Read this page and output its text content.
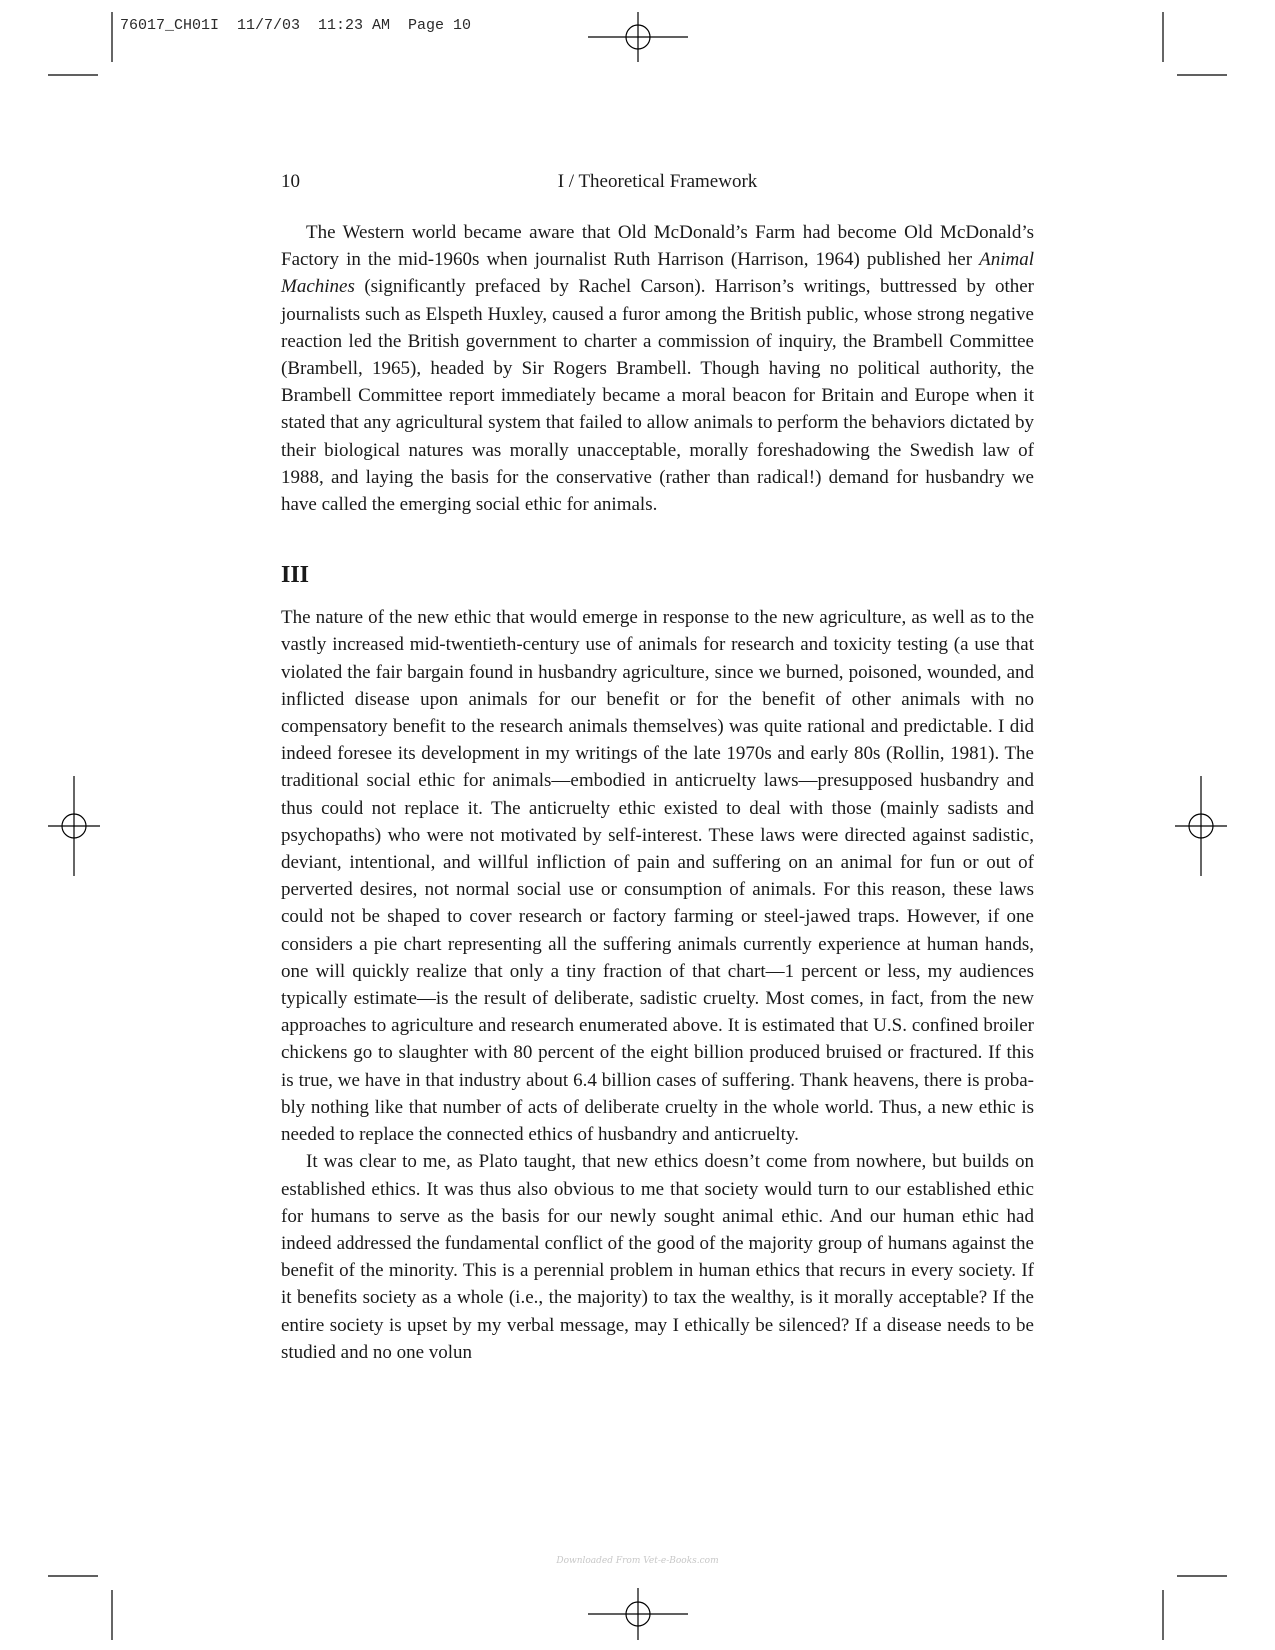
76017_CH01I  11/7/03  11:23 AM  Page 10
10	I / Theoretical Framework

The Western world became aware that Old McDonald’s Farm had become Old McDonald’s Factory in the mid-1960s when journalist Ruth Harrison (Harrison, 1964) published her Animal Machines (significantly prefaced by Rachel Carson). Harrison’s writings, buttressed by other journalists such as Elspeth Huxley, caused a furor among the British public, whose strong negative reaction led the British government to charter a commission of inquiry, the Brambell Committee (Brambell, 1965), headed by Sir Rogers Brambell. Though having no political authority, the Brambell Committee report immediately became a moral beacon for Britain and Europe when it stated that any agricultural system that failed to allow animals to perform the behaviors dictated by their biological natures was morally unacceptable, morally foreshadowing the Swedish law of 1988, and laying the basis for the conservative (rather than radical!) demand for husbandry we have called the emerging social ethic for animals.

III

The nature of the new ethic that would emerge in response to the new agriculture, as well as to the vastly increased mid-twentieth-century use of animals for research and toxicity testing (a use that violated the fair bargain found in husbandry agriculture, since we burned, poisoned, wounded, and inflicted disease upon animals for our benefit or for the benefit of other animals with no compensatory benefit to the research animals themselves) was quite rational and predictable. I did indeed foresee its development in my writings of the late 1970s and early 80s (Rollin, 1981). The traditional social ethic for animals—embodied in anticruelty laws—presupposed husbandry and thus could not replace it. The anticruelty ethic existed to deal with those (mainly sadists and psychopaths) who were not motivated by self-interest. These laws were directed against sadistic, deviant, intentional, and willful infliction of pain and suffering on an animal for fun or out of perverted desires, not normal social use or consumption of animals. For this reason, these laws could not be shaped to cover research or factory farming or steel-jawed traps. However, if one considers a pie chart representing all the suffering animals currently experience at human hands, one will quickly realize that only a tiny fraction of that chart—1 percent or less, my audiences typically estimate—is the result of deliberate, sadistic cruelty. Most comes, in fact, from the new approaches to agriculture and research enumerated above. It is estimated that U.S. confined broiler chickens go to slaughter with 80 percent of the eight billion produced bruised or fractured. If this is true, we have in that industry about 6.4 billion cases of suffering. Thank heavens, there is probably nothing like that number of acts of deliberate cruelty in the whole world. Thus, a new ethic is needed to replace the connected ethics of husbandry and anticruelty.

It was clear to me, as Plato taught, that new ethics doesn’t come from nowhere, but builds on established ethics. It was thus also obvious to me that society would turn to our established ethic for humans to serve as the basis for our newly sought animal ethic. And our human ethic had indeed addressed the fundamental conflict of the good of the majority group of humans against the benefit of the minority. This is a perennial problem in human ethics that recurs in every society. If it benefits society as a whole (i.e., the majority) to tax the wealthy, is it morally acceptable? If the entire society is upset by my verbal message, may I ethically be silenced? If a disease needs to be studied and no one volun

Downloaded From Vet-e-Books.com
